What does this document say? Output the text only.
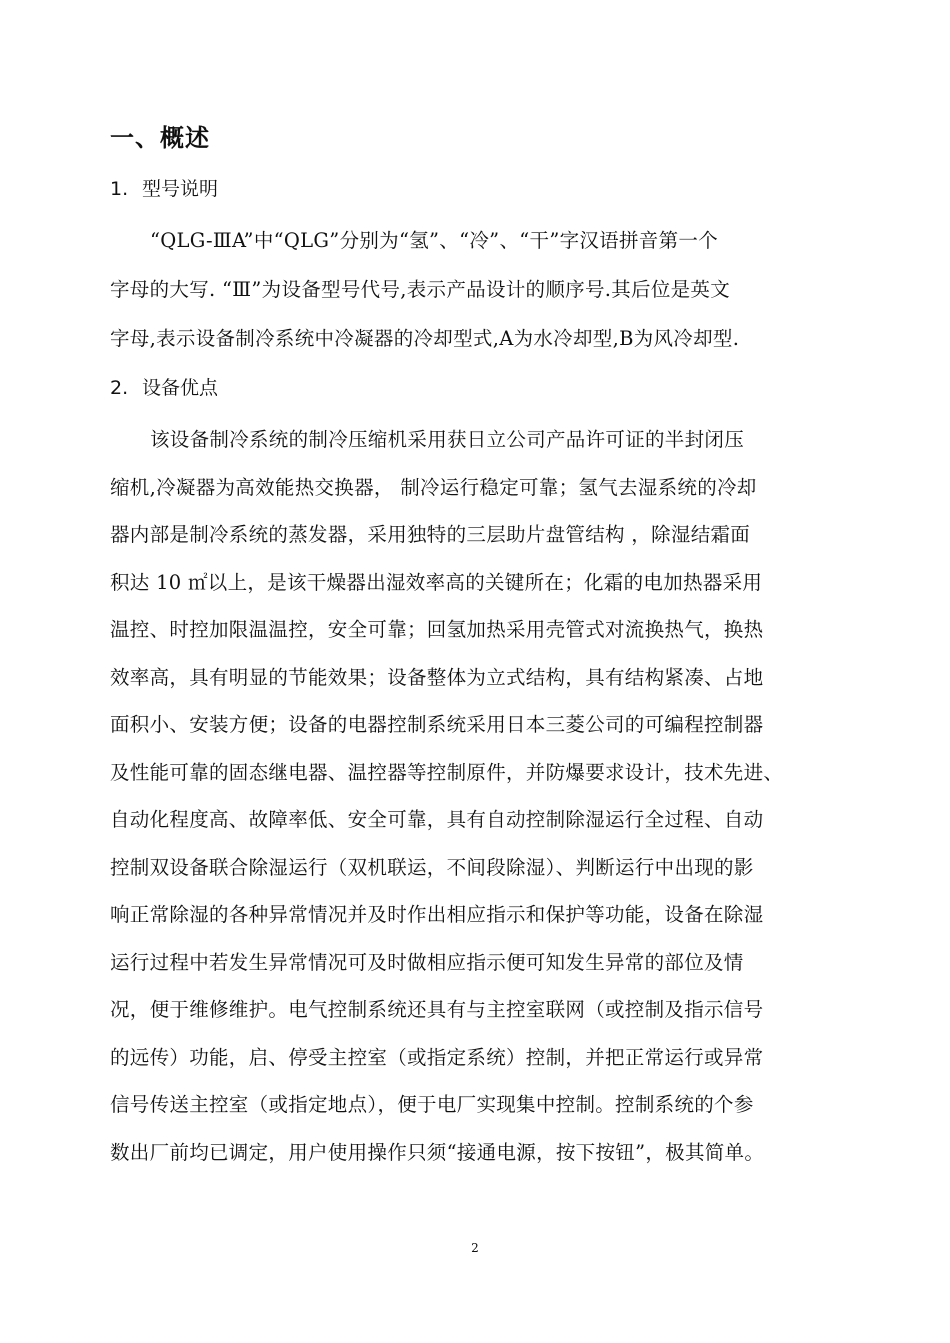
一、概述
1. 型号说明
“QLG-ⅢA”中“QLG”分别为“氢”、“冷”、“干”字汉语拼音第一个
字母的大写. “Ⅲ”为设备型号代号,表示产品设计的顺序号.其后位是英文
字母,表示设备制冷系统中冷凝器的冷却型式,A为水冷却型,B为风冷却型.
2. 设备优点
该设备制冷系统的制冷压缩机采用获日立公司产品许可证的半封闭压
缩机,冷凝器为高效能热交换器， 制冷运行稳定可靠；氢气去湿系统的冷却
器内部是制冷系统的蒸发器，采用独特的三层助片盘管结构 ，除湿结霜面
积达 10 ㎡以上，是该干燥器出湿效率高的关键所在；化霜的电加热器采用
温控、时控加限温温控，安全可靠；回氢加热采用壳管式对流换热气，换热
效率高，具有明显的节能效果；设备整体为立式结构，具有结构紧凑、占地
面积小、安装方便；设备的电器控制系统采用日本三菱公司的可编程控制器
及性能可靠的固态继电器、温控器等控制原件，并防爆要求设计，技术先进、
自动化程度高、故障率低、安全可靠，具有自动控制除湿运行全过程、自动
控制双设备联合除湿运行（双机联运，不间段除湿）、判断运行中出现的影
响正常除湿的各种异常情况并及时作出相应指示和保护等功能，设备在除湿
运行过程中若发生异常情况可及时做相应指示便可知发生异常的部位及情
况，便于维修维护。电气控制系统还具有与主控室联网（或控制及指示信号
的远传）功能，启、停受主控室（或指定系统）控制，并把正常运行或异常
信号传送主控室（或指定地点），便于电厂实现集中控制。控制系统的个参
数出厂前均已调定，用户使用操作只须“接通电源，按下按钮”，极其简单。
2
